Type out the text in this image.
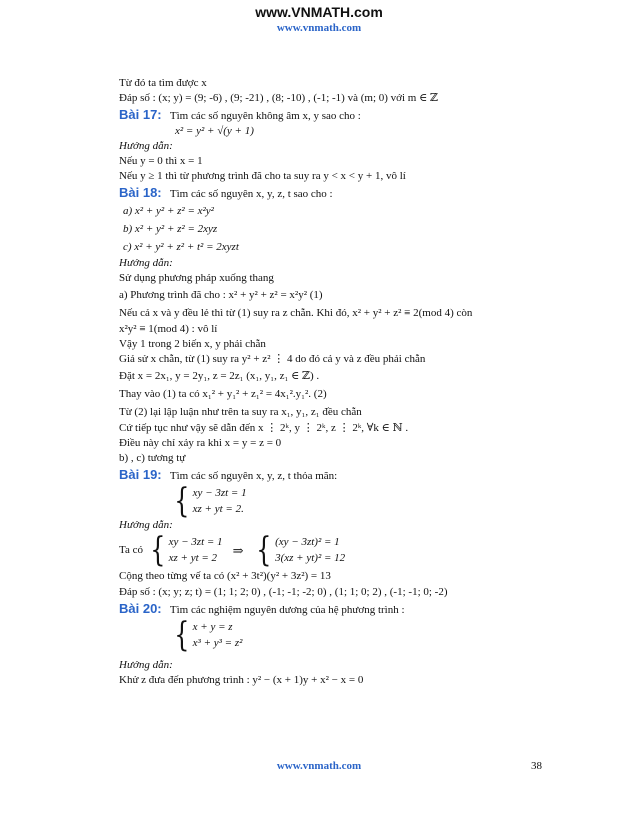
www.VNMATH.com
www.vnmath.com
Từ đó ta tìm được x
Đáp số : (x; y) = (9; -6) , (9; -21) , (8; -10) , (-1; -1) và (m; 0) với m ∈ ℤ
Bài 17: Tìm các số nguyên không âm x, y sao cho :
x² = y² + √(y + 1)
Hướng dẫn:
Nếu y = 0 thì x = 1
Nếu y ≥ 1 thì từ phương trình đã cho ta suy ra y < x < y + 1, vô lí
Bài 18: Tìm các số nguyên x, y, z, t sao cho :
a) x² + y² + z² = x²y²
b) x² + y² + z² = 2xyz
c) x² + y² + z² + t² = 2xyzt
Hướng dẫn:
Sử dụng phương pháp xuống thang
a) Phương trình đã cho : x² + y² + z² = x²y² (1)
Nếu cả x và y đều lẻ thì từ (1) suy ra z chẵn. Khi đó, x² + y² + z² ≡ 2(mod 4) còn
x²y² ≡ 1(mod 4) : vô lí
Vậy 1 trong 2 biến x, y phải chẵn
Giả sử x chẵn, từ (1) suy ra y² + z² ⋮ 4 do đó cả y và z đều phải chẵn
Đặt x = 2x₁, y = 2y₁, z = 2z₁ (x₁, y₁, z₁ ∈ ℤ) .
Thay vào (1) ta có x₁² + y₁² + z₁² = 4x₁².y₁². (2)
Từ (2) lại lập luận như trên ta suy ra x₁, y₁, z₁ đều chẵn
Cứ tiếp tục như vậy sẽ dẫn đến x ⋮ 2ᵏ, y ⋮ 2ᵏ, z ⋮ 2ᵏ, ∀k ∈ ℕ .
Điều này chỉ xảy ra khi x = y = z = 0
b) , c) tương tự
Bài 19: Tìm các số nguyên x, y, z, t thỏa mãn:
{ xy − 3zt = 1
xz + yt = 2.
Hướng dẫn:
Ta có { xy − 3zt = 1
xz + yt = 2
⇒ { (xy − 3zt)² = 1
3(xz + yt)² = 12
Cộng theo từng vế ta có (x² + 3t²)(y² + 3z²) = 13
Đáp số : (x; y; z; t) = (1; 1; 2; 0) , (-1; -1; -2; 0) , (1; 1; 0; 2) , (-1; -1; 0; -2)
Bài 20: Tìm các nghiệm nguyên dương của hệ phương trình :
{ x + y = z
x³ + y³ = z²
Hướng dẫn:
Khử z đưa đến phương trình : y² − (x + 1)y + x² − x = 0
www.vnmath.com	38
